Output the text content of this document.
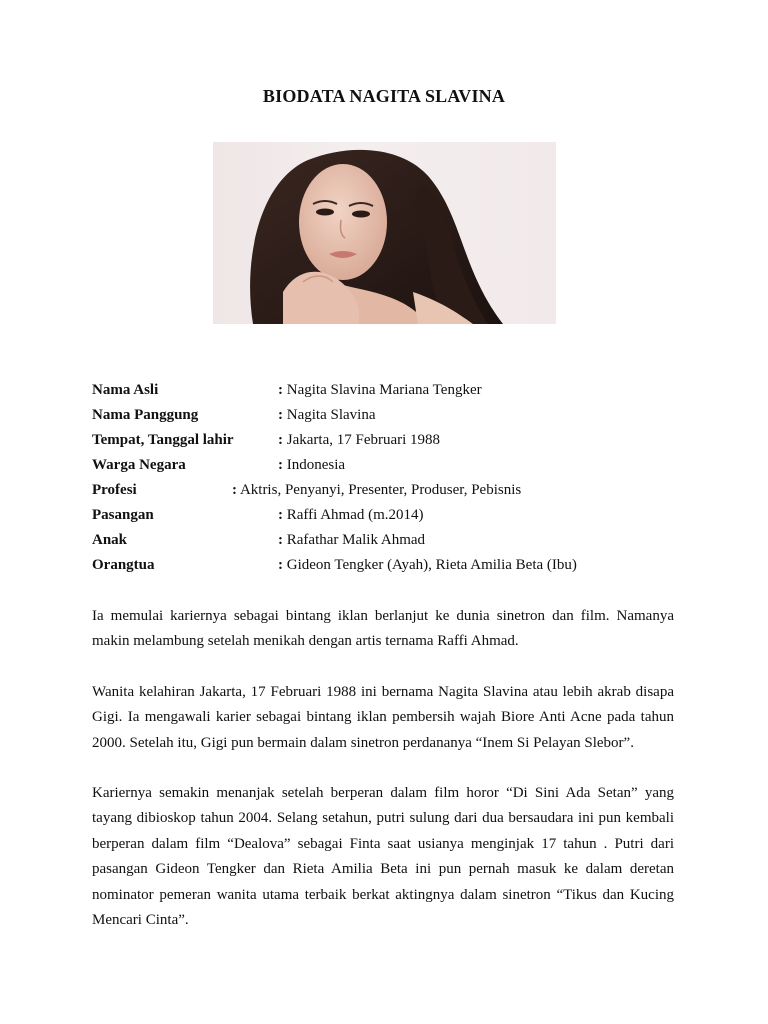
BIODATA NAGITA SLAVINA
Nama Asli	: Nagita Slavina Mariana Tengker
Nama Panggung	: Nagita Slavina
Tempat, Tanggal lahir	: Jakarta, 17 Februari 1988
Warga Negara	: Indonesia
Profesi	: Aktris, Penyanyi, Presenter, Produser, Pebisnis
Pasangan	: Raffi Ahmad (m.2014)
Anak	: Rafathar Malik Ahmad
Orangtua	: Gideon Tengker (Ayah), Rieta Amilia Beta (Ibu)
Ia memulai kariernya sebagai bintang iklan berlanjut ke dunia sinetron dan film. Namanya makin melambung setelah menikah dengan artis ternama Raffi Ahmad.
Wanita kelahiran Jakarta, 17 Februari 1988 ini bernama Nagita Slavina atau lebih akrab disapa Gigi. Ia mengawali karier sebagai bintang iklan pembersih wajah Biore Anti Acne pada tahun 2000. Setelah itu, Gigi pun bermain dalam sinetron perdananya “Inem Si Pelayan Slebor”.
Kariernya semakin menanjak setelah berperan dalam film horor “Di Sini Ada Setan” yang tayang dibioskop tahun 2004. Selang setahun, putri sulung dari dua bersaudara ini pun kembali berperan dalam film “Dealova” sebagai Finta saat usianya menginjak 17 tahun . Putri dari pasangan Gideon Tengker dan Rieta Amilia Beta ini pun pernah masuk ke dalam deretan nominator pemeran wanita utama terbaik berkat aktingnya dalam sinetron “Tikus dan Kucing Mencari Cinta”.
